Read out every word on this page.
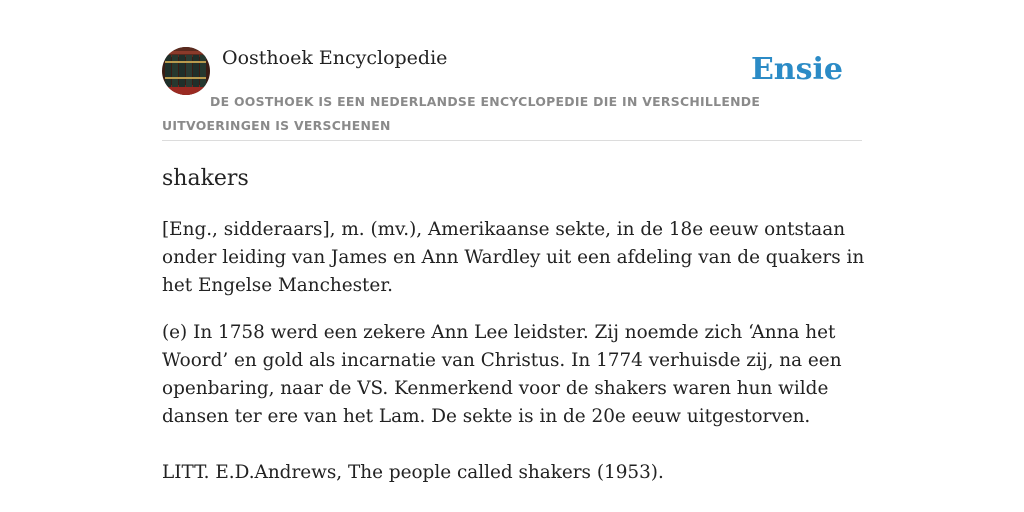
Oosthoek Encyclopedie	Ensie
DE OOSTHOEK IS EEN NEDERLANDSE ENCYCLOPEDIE DIE IN VERSCHILLENDE UITVOERINGEN IS VERSCHENEN
shakers

[Eng., sidderaars], m. (mv.), Amerikaanse sekte, in de 18e eeuw ontstaan onder leiding van James en Ann Wardley uit een afdeling van de quakers in het Engelse Manchester.

(e) In 1758 werd een zekere Ann Lee leidster. Zij noemde zich ‘Anna het Woord’ en gold als incarnatie van Christus. In 1774 verhuisde zij, na een openbaring, naar de VS. Kenmerkend voor de shakers waren hun wilde dansen ter ere van het Lam. De sekte is in de 20e eeuw uitgestorven.

LITT. E.D.Andrews, The people called shakers (1953).
